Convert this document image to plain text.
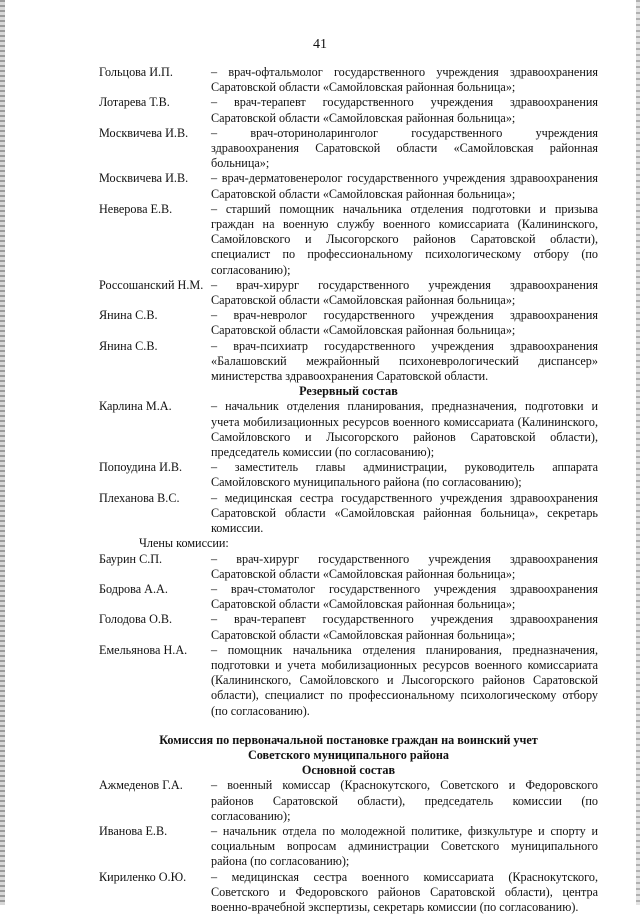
41
Гольцова И.П.	– врач-офтальмолог государственного учреждения здравоохранения Саратовской области «Самойловская районная больница»;
Лотарева Т.В.	– врач-терапевт государственного учреждения здравоохранения Саратовской области «Самойловская районная больница»;
Москвичева И.В.	– врач-оториноларинголог государственного учреждения здравоохранения Саратовской области «Самойловская районная больница»;
Москвичева И.В.	– врач-дерматовенеролог государственного учреждения здравоохранения Саратовской области «Самойловская районная больница»;
Неверова Е.В.	– старший помощник начальника отделения подготовки и призыва граждан на военную службу военного комиссариата (Калининского, Самойловского и Лысогорского районов Саратовской области), специалист по профессиональному психологическому отбору (по согласованию);
Россошанский Н.М. – врач-хирург государственного учреждения здравоохранения Саратовской области «Самойловская районная больница»;
Янина С.В.	– врач-невролог государственного учреждения здравоохранения Саратовской области «Самойловская районная больница»;
Янина С.В.	– врач-психиатр государственного учреждения здравоохранения «Балашовский межрайонный психоневрологический диспансер» министерства здравоохранения Саратовской области.
Резервный состав
Карлина М.А.	– начальник отделения планирования, предназначения, подготовки и учета мобилизационных ресурсов военного комиссариата (Калининского, Самойловского и Лысогорского районов Саратовской области), председатель комиссии (по согласованию);
Попоудина И.В.	– заместитель главы администрации, руководитель аппарата Самойловского муниципального района (по согласованию);
Плеханова В.С.	– медицинская сестра государственного учреждения здравоохранения Саратовской области «Самойловская районная больница», секретарь комиссии.
Члены комиссии:
Баурин С.П.	– врач-хирург государственного учреждения здравоохранения Саратовской области «Самойловская районная больница»;
Бодрова А.А.	– врач-стоматолог государственного учреждения здравоохранения Саратовской области «Самойловская районная больница»;
Голодова О.В.	– врач-терапевт государственного учреждения здравоохранения Саратовской области «Самойловская районная больница»;
Емельянова Н.А.	– помощник начальника отделения планирования, предназначения, подготовки и учета мобилизационных ресурсов военного комиссариата (Калининского, Самойловского и Лысогорского районов Саратовской области), специалист по профессиональному психологическому отбору (по согласованию).
Комиссия по первоначальной постановке граждан на воинский учет
Советского муниципального района
Основной состав
Ажмеденов Г.А.	– военный комиссар (Краснокутского, Советского и Федоровского районов Саратовской области), председатель комиссии (по согласованию);
Иванова Е.В.	– начальник отдела по молодежной политике, физкультуре и спорту и социальным вопросам администрации Советского муниципального района (по согласованию);
Кириленко О.Ю.	– медицинская сестра военного комиссариата (Краснокутского, Советского и Федоровского районов Саратовской области), центра военно-врачебной экспертизы, секретарь комиссии (по согласованию).
